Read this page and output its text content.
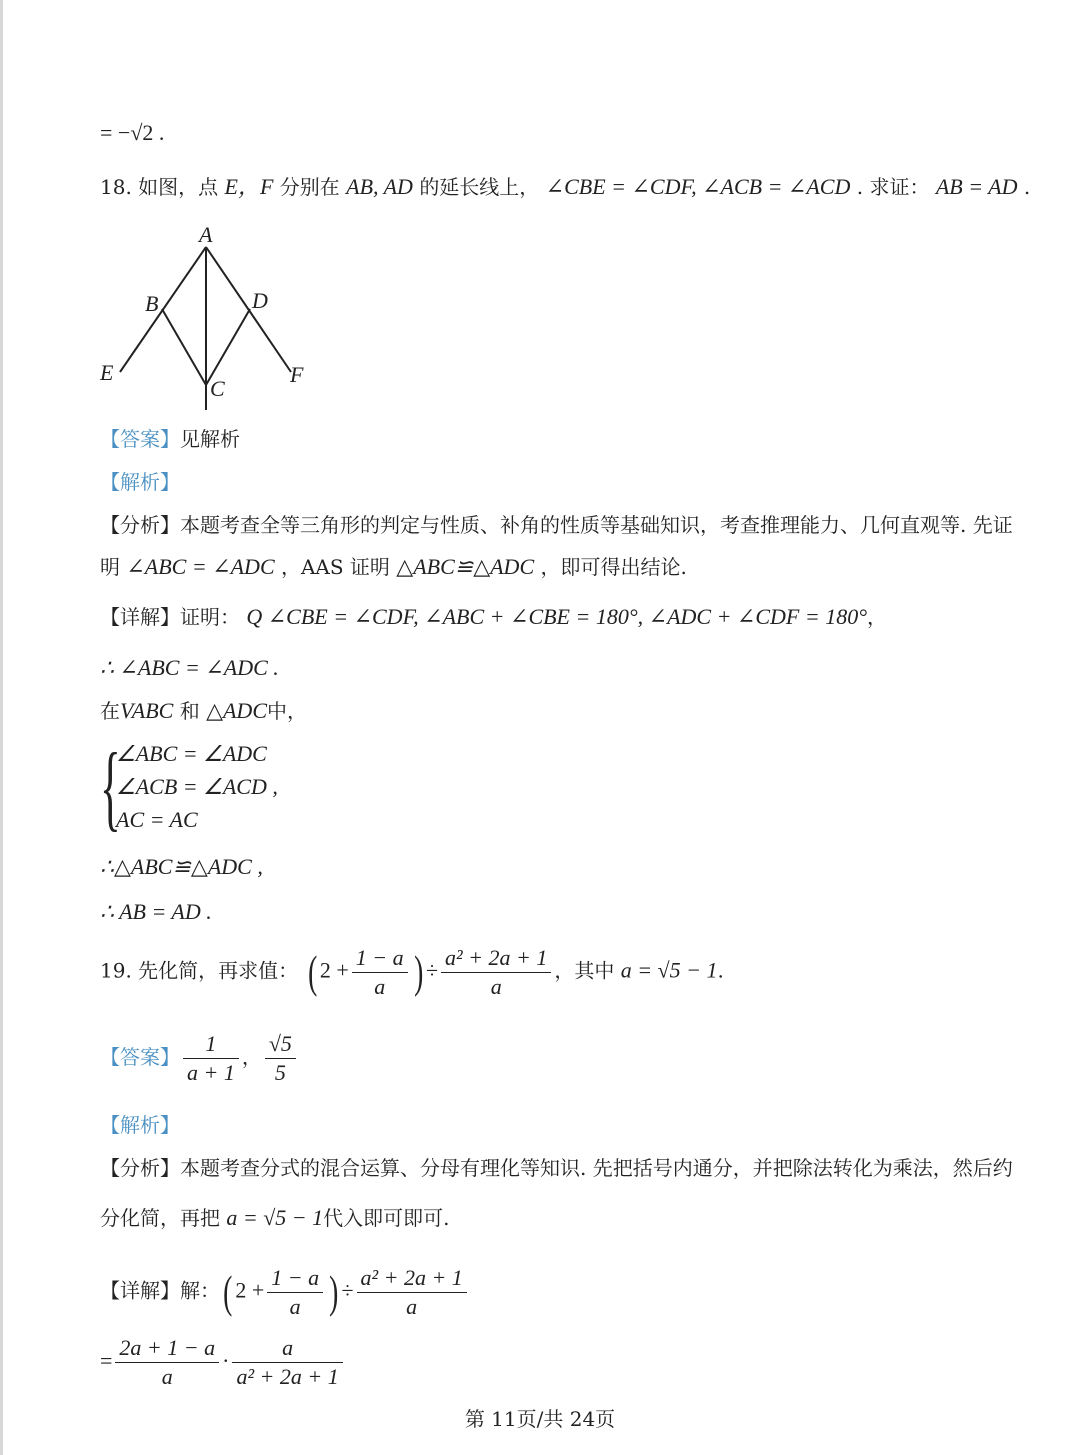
= −√2 .
18. 如图，点 E，F 分别在 AB, AD 的延长线上， ∠CBE = ∠CDF, ∠ACB = ∠ACD . 求证： AB = AD .
A
B	D
E
C
F
【答案】见解析
【解析】
【分析】本题考查全等三角形的判定与性质、补角的性质等基础知识，考查推理能力、几何直观等. 先证
明 ∠ABC = ∠ADC ，AAS 证明 △ABC≌△ADC ，即可得出结论.
【详解】证明： Q ∠CBE = ∠CDF, ∠ABC + ∠CBE = 180°, ∠ADC + ∠CDF = 180°，
∴ ∠ABC = ∠ADC .
在VABC 和 △ADC中，
{
∠ABC = ∠ADC
∠ACB = ∠ACD ,
AC = AC
∴△ABC≌△ADC ,
∴ AB = AD .
19. 先化简，再求值： ( $2 + \frac{1 - a}{a}$ ) ÷ $\frac{\text{a² + 2a + 1}}{a}$ ，其中 a = √5 − 1.
【答案】 $\frac{1}{a + 1}$ ， $\frac{√5}{5}$
【解析】
【分析】本题考查分式的混合运算、分母有理化等知识. 先把括号内通分，并把除法转化为乘法，然后约
分化简，再把 a = √5 − 1代入即可即可.
【详解】解：( $2 + \frac{1 - a}{a}$ ) ÷ $\frac{\text{a² + 2a + 1}}{a}$
= $\frac{2a + 1 - a}{a} \cdot \frac{a}{\text{a² + 2a + 1}}$
第 11页/共 24页
